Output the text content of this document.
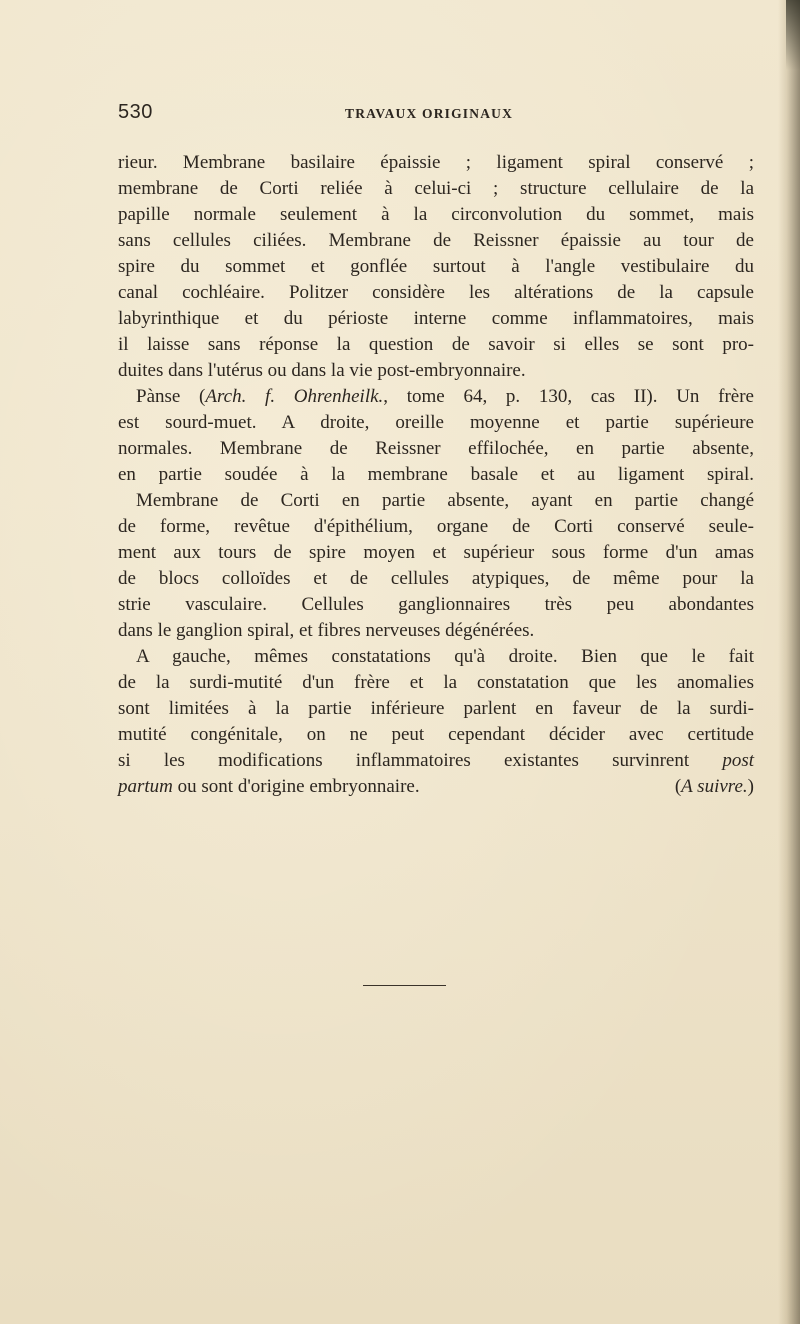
530	TRAVAUX ORIGINAUX
rieur. Membrane basilaire épaissie ; ligament spiral conservé ;
membrane de Corti reliée à celui-ci ; structure cellulaire de la
papille normale seulement à la circonvolution du sommet, mais
sans cellules ciliées. Membrane de Reissner épaissie au tour de
spire du sommet et gonflée surtout à l'angle vestibulaire du
canal cochléaire. Politzer considère les altérations de la capsule
labyrinthique et du périoste interne comme inflammatoires, mais
il laisse sans réponse la question de savoir si elles se sont pro-
duites dans l'utérus ou dans la vie post-embryonnaire.
Pànse (Arch. f. Ohrenheilk., tome 64, p. 130, cas II). Un frère
est sourd-muet. A droite, oreille moyenne et partie supérieure
normales. Membrane de Reissner effilochée, en partie absente,
en partie soudée à la membrane basale et au ligament spiral.
Membrane de Corti en partie absente, ayant en partie changé
de forme, revêtue d'épithélium, organe de Corti conservé seule-
ment aux tours de spire moyen et supérieur sous forme d'un amas
de blocs colloïdes et de cellules atypiques, de même pour la
strie vasculaire. Cellules ganglionnaires très peu abondantes
dans le ganglion spiral, et fibres nerveuses dégénérées.
A gauche, mêmes constatations qu'à droite. Bien que le fait
de la surdi-mutité d'un frère et la constatation que les anomalies
sont limitées à la partie inférieure parlent en faveur de la surdi-
mutité congénitale, on ne peut cependant décider avec certitude
si les modifications inflammatoires existantes survinrent post
partum ou sont d'origine embryonnaire.	(A suivre.)
